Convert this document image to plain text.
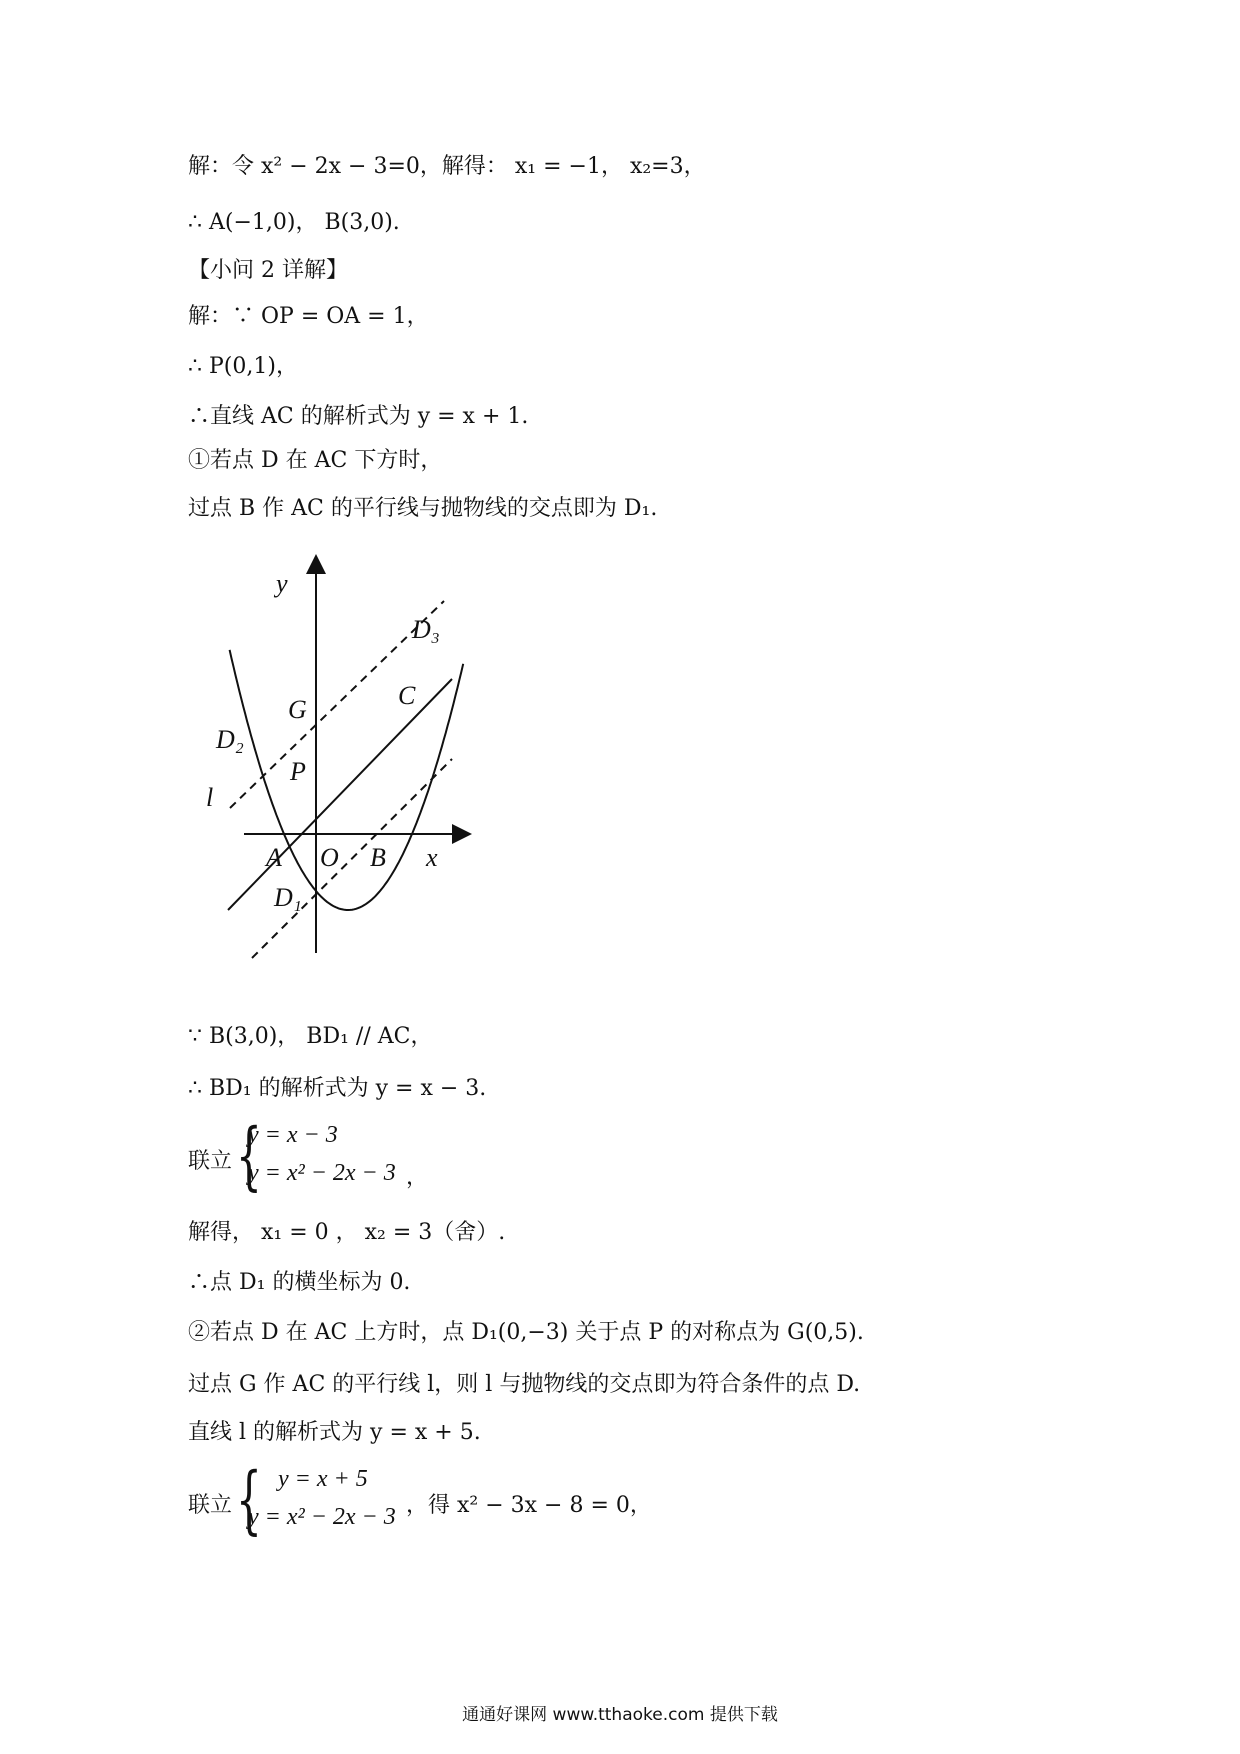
解：令 x² − 2x − 3=0，解得： x₁ = −1， x₂=3，
∴ A(−1,0)， B(3,0).
【小问 2 详解】
解：∵ OP = OA = 1，
∴ P(0,1)，
∴直线 AC 的解析式为 y = x + 1.
①若点 D 在 AC 下方时，
过点 B 作 AC 的平行线与抛物线的交点即为 D₁.
y
D₃
C
G
D₂
P
l
A O B x
D₁
∵ B(3,0)， BD₁ // AC，
∴ BD₁ 的解析式为 y = x − 3.
联立 {
y = x − 3
y = x² − 2x − 3 ，
解得， x₁ = 0 ， x₂ = 3（舍）.
∴点 D₁ 的横坐标为 0.
②若点 D 在 AC 上方时，点 D₁(0,−3) 关于点 P 的对称点为 G(0,5).
过点 G 作 AC 的平行线 l，则 l 与抛物线的交点即为符合条件的点 D.
直线 l 的解析式为 y = x + 5.
联立 { y = x + 5
y = x² − 2x − 3 ，得 x² − 3x − 8 = 0，
通通好课网 www.tthaoke.com 提供下载
